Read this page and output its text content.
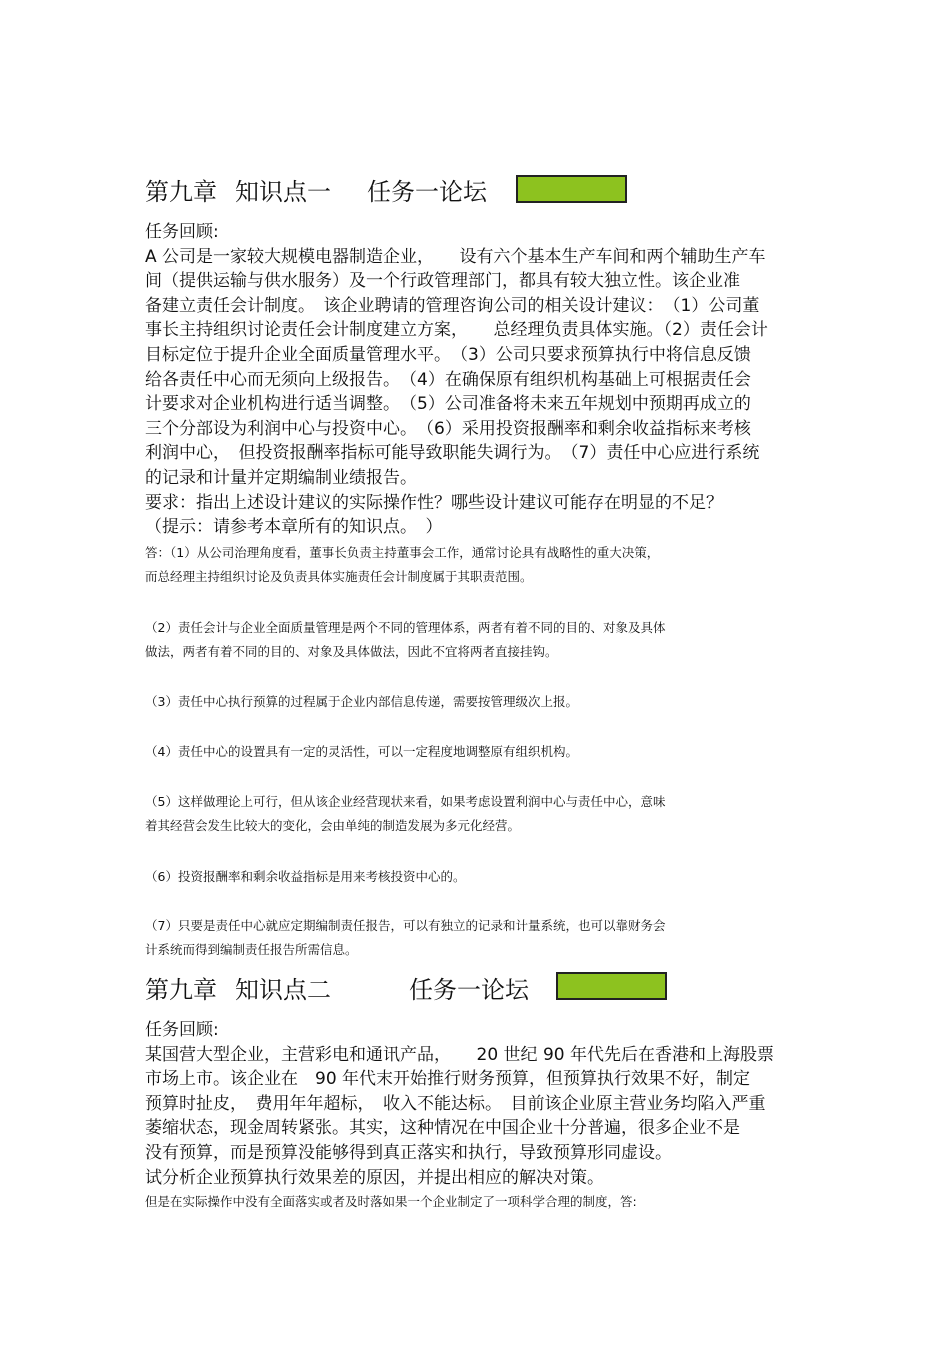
第九章 知识点一 任务一论坛

任务回顾:

A 公司是一家较大规模电器制造企业，　　设有六个基本生产车间和两个辅助生产车

间（提供运输与供水服务）及一个行政管理部门，都具有较大独立性。该企业准

备建立责任会计制度。　该企业聘请的管理咨询公司的相关设计建议：　（1）公司董

事长主持组织讨论责任会计制度建立方案，　　总经理负责具体实施。（2）责任会计

目标定位于提升企业全面质量管理水平。　（3）公司只要求预算执行中将信息反馈

给各责任中心而无须向上级报告。　（4）在确保原有组织机构基础上可根据责任会

计要求对企业机构进行适当调整。　（5）公司准备将未来五年规划中预期再成立的

三个分部设为利润中心与投资中心。　（6）采用投资报酬率和剩余收益指标来考核

利润中心，　但投资报酬率指标可能导致职能失调行为。　（7）责任中心应进行系统

的记录和计量并定期编制业绩报告。

要求：指出上述设计建议的实际操作性？哪些设计建议可能存在明显的不足？

（提示：请参考本章所有的知识点。　）

答：（1）从公司治理角度看，董事长负责主持董事会工作，通常讨论具有战略性的重大决策，

而总经理主持组织讨论及负责具体实施责任会计制度属于其职责范围。

（2）责任会计与企业全面质量管理是两个不同的管理体系，两者有着不同的目的、对象及具体

做法，两者有着不同的目的、对象及具体做法，因此不宜将两者直接挂钩。

（3）责任中心执行预算的过程属于企业内部信息传递，需要按管理级次上报。

（4）责任中心的设置具有一定的灵活性，可以一定程度地调整原有组织机构。

（5）这样做理论上可行，但从该企业经营现状来看，如果考虑设置利润中心与责任中心，意味

着其经营会发生比较大的变化，会由单纯的制造发展为多元化经营。

（6）投资报酬率和剩余收益指标是用来考核投资中心的。

（7）只要是责任中心就应定期编制责任报告，可以有独立的记录和计量系统，也可以靠财务会

计系统而得到编制责任报告所需信息。

第九章 知识点二	任务一论坛

任务回顾:

某国营大型企业，主营彩电和通讯产品，　　20 世纪 90 年代先后在香港和上海股票

市场上市。该企业在　90 年代末开始推行财务预算，但预算执行效果不好，制定

预算时扯皮，　费用年年超标，　收入不能达标。　目前该企业原主营业务均陷入严重

萎缩状态，现金周转紧张。其实，这种情况在中国企业十分普遍，很多企业不是

没有预算，而是预算没能够得到真正落实和执行，导致预算形同虚设。

试分析企业预算执行效果差的原因，并提出相应的解决对策。

但是在实际操作中没有全面落实或者及时落如果一个企业制定了一项科学合理的制度，答:
